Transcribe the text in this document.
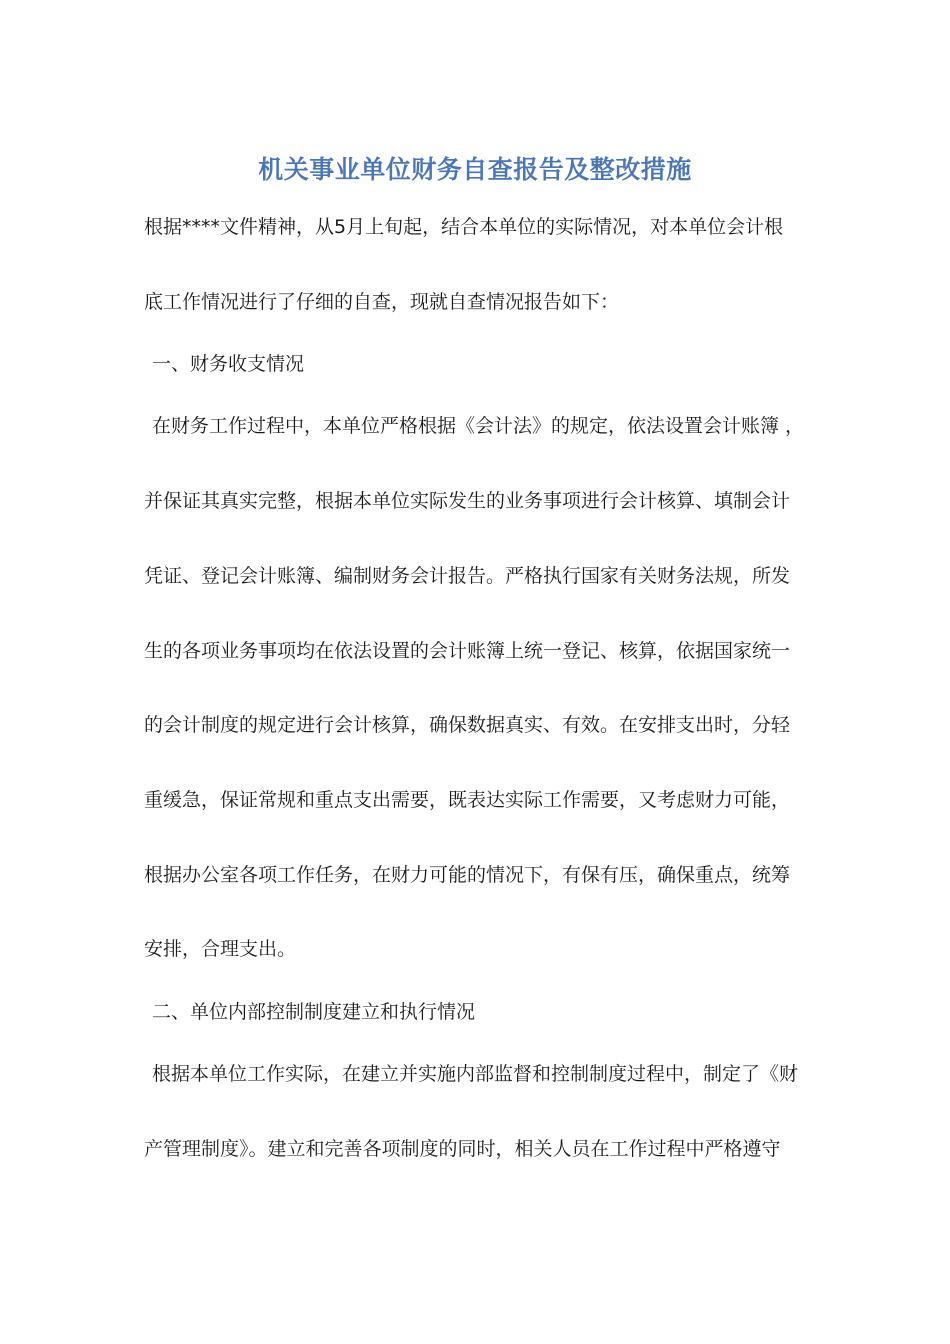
机关事业单位财务自查报告及整改措施
根据****文件精神，从5月上旬起，结合本单位的实际情况，对本单位会计根
底工作情况进行了仔细的自查，现就自查情况报告如下：
一、财务收支情况
在财务工作过程中，本单位严格根据《会计法》的规定，依法设置会计账簿 ，
并保证其真实完整，根据本单位实际发生的业务事项进行会计核算、填制会计
凭证、登记会计账簿、编制财务会计报告。严格执行国家有关财务法规，所发
生的各项业务事项均在依法设置的会计账簿上统一登记、核算，依据国家统一
的会计制度的规定进行会计核算，确保数据真实、有效。在安排支出时，分轻
重缓急，保证常规和重点支出需要，既表达实际工作需要，又考虑财力可能，
根据办公室各项工作任务，在财力可能的情况下，有保有压，确保重点，统筹
安排，合理支出。
二、单位内部控制制度建立和执行情况
根据本单位工作实际，在建立并实施内部监督和控制制度过程中，制定了《财
产管理制度》。建立和完善各项制度的同时，相关人员在工作过程中严格遵守
